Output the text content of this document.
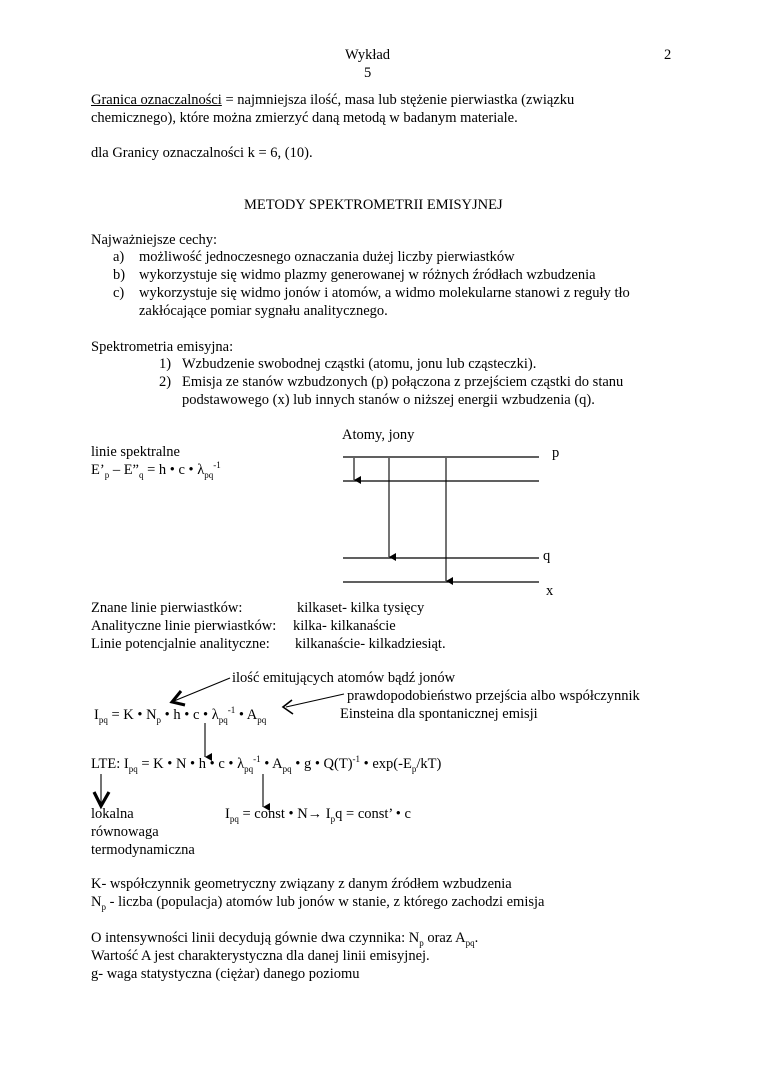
Wykład	2
5
Granica oznaczalności = najmniejsza ilość, masa lub stężenie pierwiastka (związku
chemicznego), które można zmierzyć daną metodą w badanym materiale.
dla Granicy oznaczalności k = 6, (10).
METODY SPEKTROMETRII EMISYJNEJ
Najważniejsze cechy:
a) możliwość jednoczesnego oznaczania dużej liczby pierwiastków
b) wykorzystuje się widmo plazmy generowanej w różnych źródłach wzbudzenia
c) wykorzystuje się widmo jonów i atomów, a widmo molekularne stanowi z reguły tło
zakłócające pomiar sygnału analitycznego.
Spektrometria emisyjna:
1) Wzbudzenie swobodnej cząstki (atomu, jonu lub cząsteczki).
2) Emisja ze stanów wzbudzonych (p) połączona z przejściem cząstki do stanu
podstawowego (x) lub innych stanów o niższej energii wzbudzenia (q).
Atomy, jony
linie spektralne
$E’_p$ – $E”_q = h$ • c • $\lambda_{pq}^{-1}$
p
q
x
Znane linie pierwiastków:	kilkaset- kilka tysięcy
Analityczne linie pierwiastków: kilka- kilkanaście
Linie potencjalnie analityczne: kilkanaście- kilkadziesiąt.
ilość emitujących atomów bądź jonów
prawdopodobieństwo przejścia albo współczynnik
Einsteina dla spontanicznej emisji
$I_{pq} = K$ • $N_p$ • h • c • $\lambda_{pq}^{-1}$ • $A_{pq}$
LTE: $I_{pq} = K$ • N • h • c • $\lambda_{pq}^{-1}$ • $A_{pq}$ • g • $Q(T)^{-1}$ • $\exp(-E_p/kT)$
lokalna
równowaga
termodynamiczna
$I_{pq}$ = const • $N\to I_pq$ = const’ • c
K- współczynnik geometryczny związany z danym źródłem wzbudzenia
$N_p$ - liczba (populacja) atomów lub jonów w stanie, z którego zachodzi emisja
O intensywności linii decydują gównie dwa czynnika: $N_p$ oraz $A_{pq}$.
Wartość A jest charakterystyczna dla danej linii emisyjnej.
g- waga statystyczna (ciężar) danego poziomu
